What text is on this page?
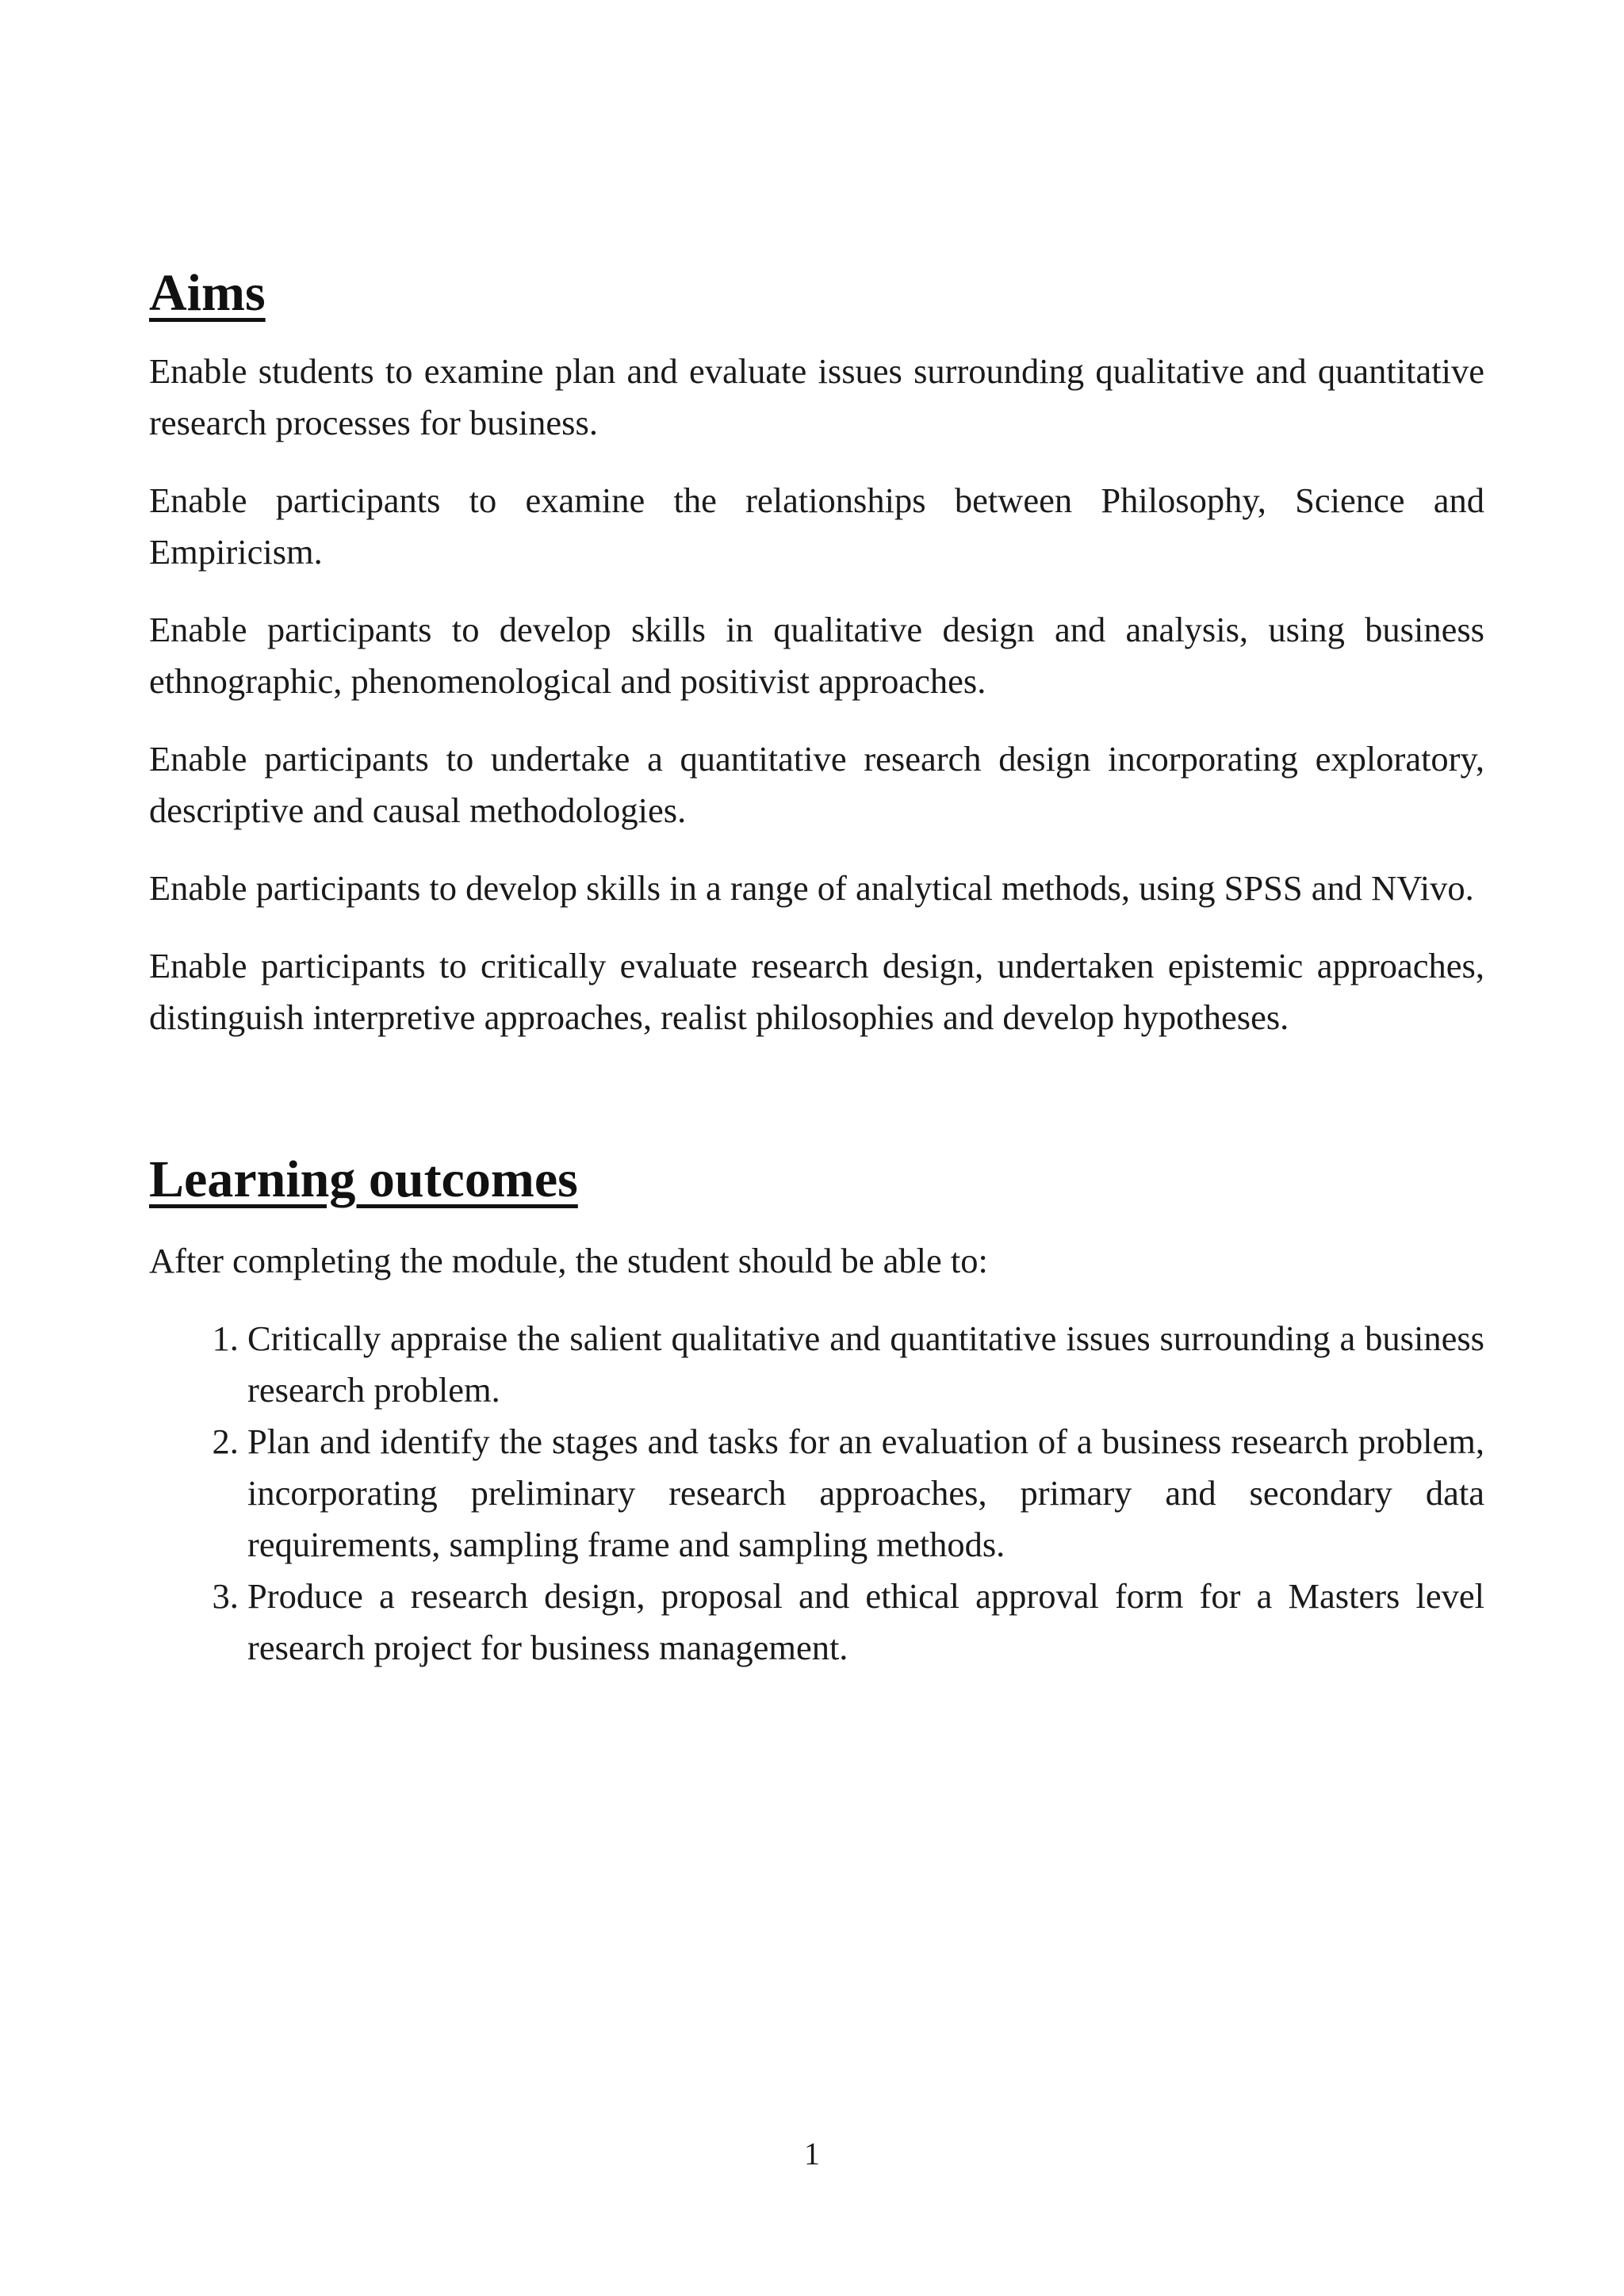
Aims

Enable students to examine plan and evaluate issues surrounding qualitative and quantitative research processes for business.

Enable participants to examine the relationships between Philosophy, Science and Empiricism.

Enable participants to develop skills in qualitative design and analysis, using business ethnographic, phenomenological and positivist approaches.

Enable participants to undertake a quantitative research design incorporating exploratory, descriptive and causal methodologies.

Enable participants to develop skills in a range of analytical methods, using SPSS and NVivo.

Enable participants to critically evaluate research design, undertaken epistemic approaches, distinguish interpretive approaches, realist philosophies and develop hypotheses.

Learning outcomes

After completing the module, the student should be able to:

1. Critically appraise the salient qualitative and quantitative issues surrounding a business research problem.
2. Plan and identify the stages and tasks for an evaluation of a business research problem, incorporating preliminary research approaches, primary and secondary data requirements, sampling frame and sampling methods.
3. Produce a research design, proposal and ethical approval form for a Masters level research project for business management.
1
